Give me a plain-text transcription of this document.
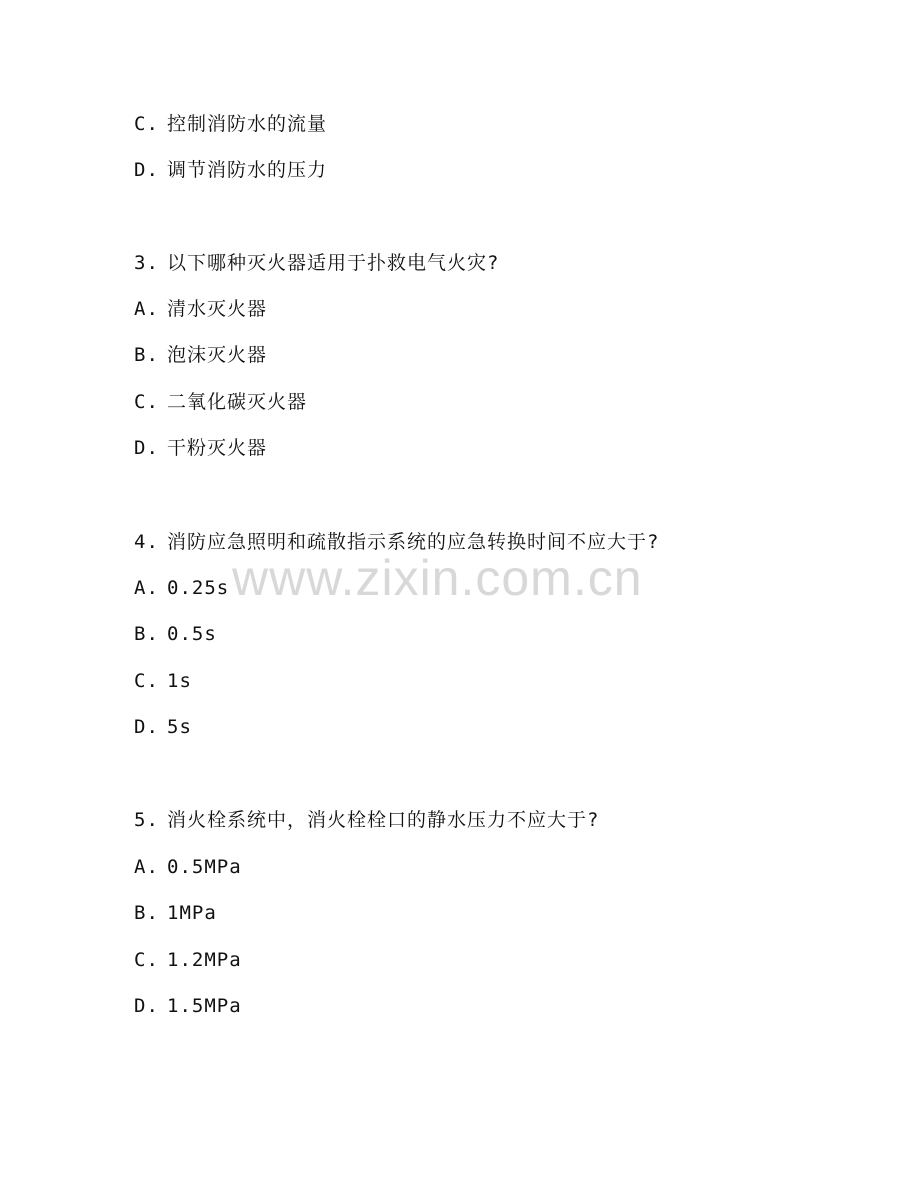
www.zixin.com.cn
C. 控制消防水的流量
D. 调节消防水的压力
3. 以下哪种灭火器适用于扑救电气火灾?
A. 清水灭火器
B. 泡沫灭火器
C. 二氧化碳灭火器
D. 干粉灭火器
4. 消防应急照明和疏散指示系统的应急转换时间不应大于?
A. 0.25s
B. 0.5s
C. 1s
D. 5s
5. 消火栓系统中，消火栓栓口的静水压力不应大于?
A. 0.5MPa
B. 1MPa
C. 1.2MPa
D. 1.5MPa
